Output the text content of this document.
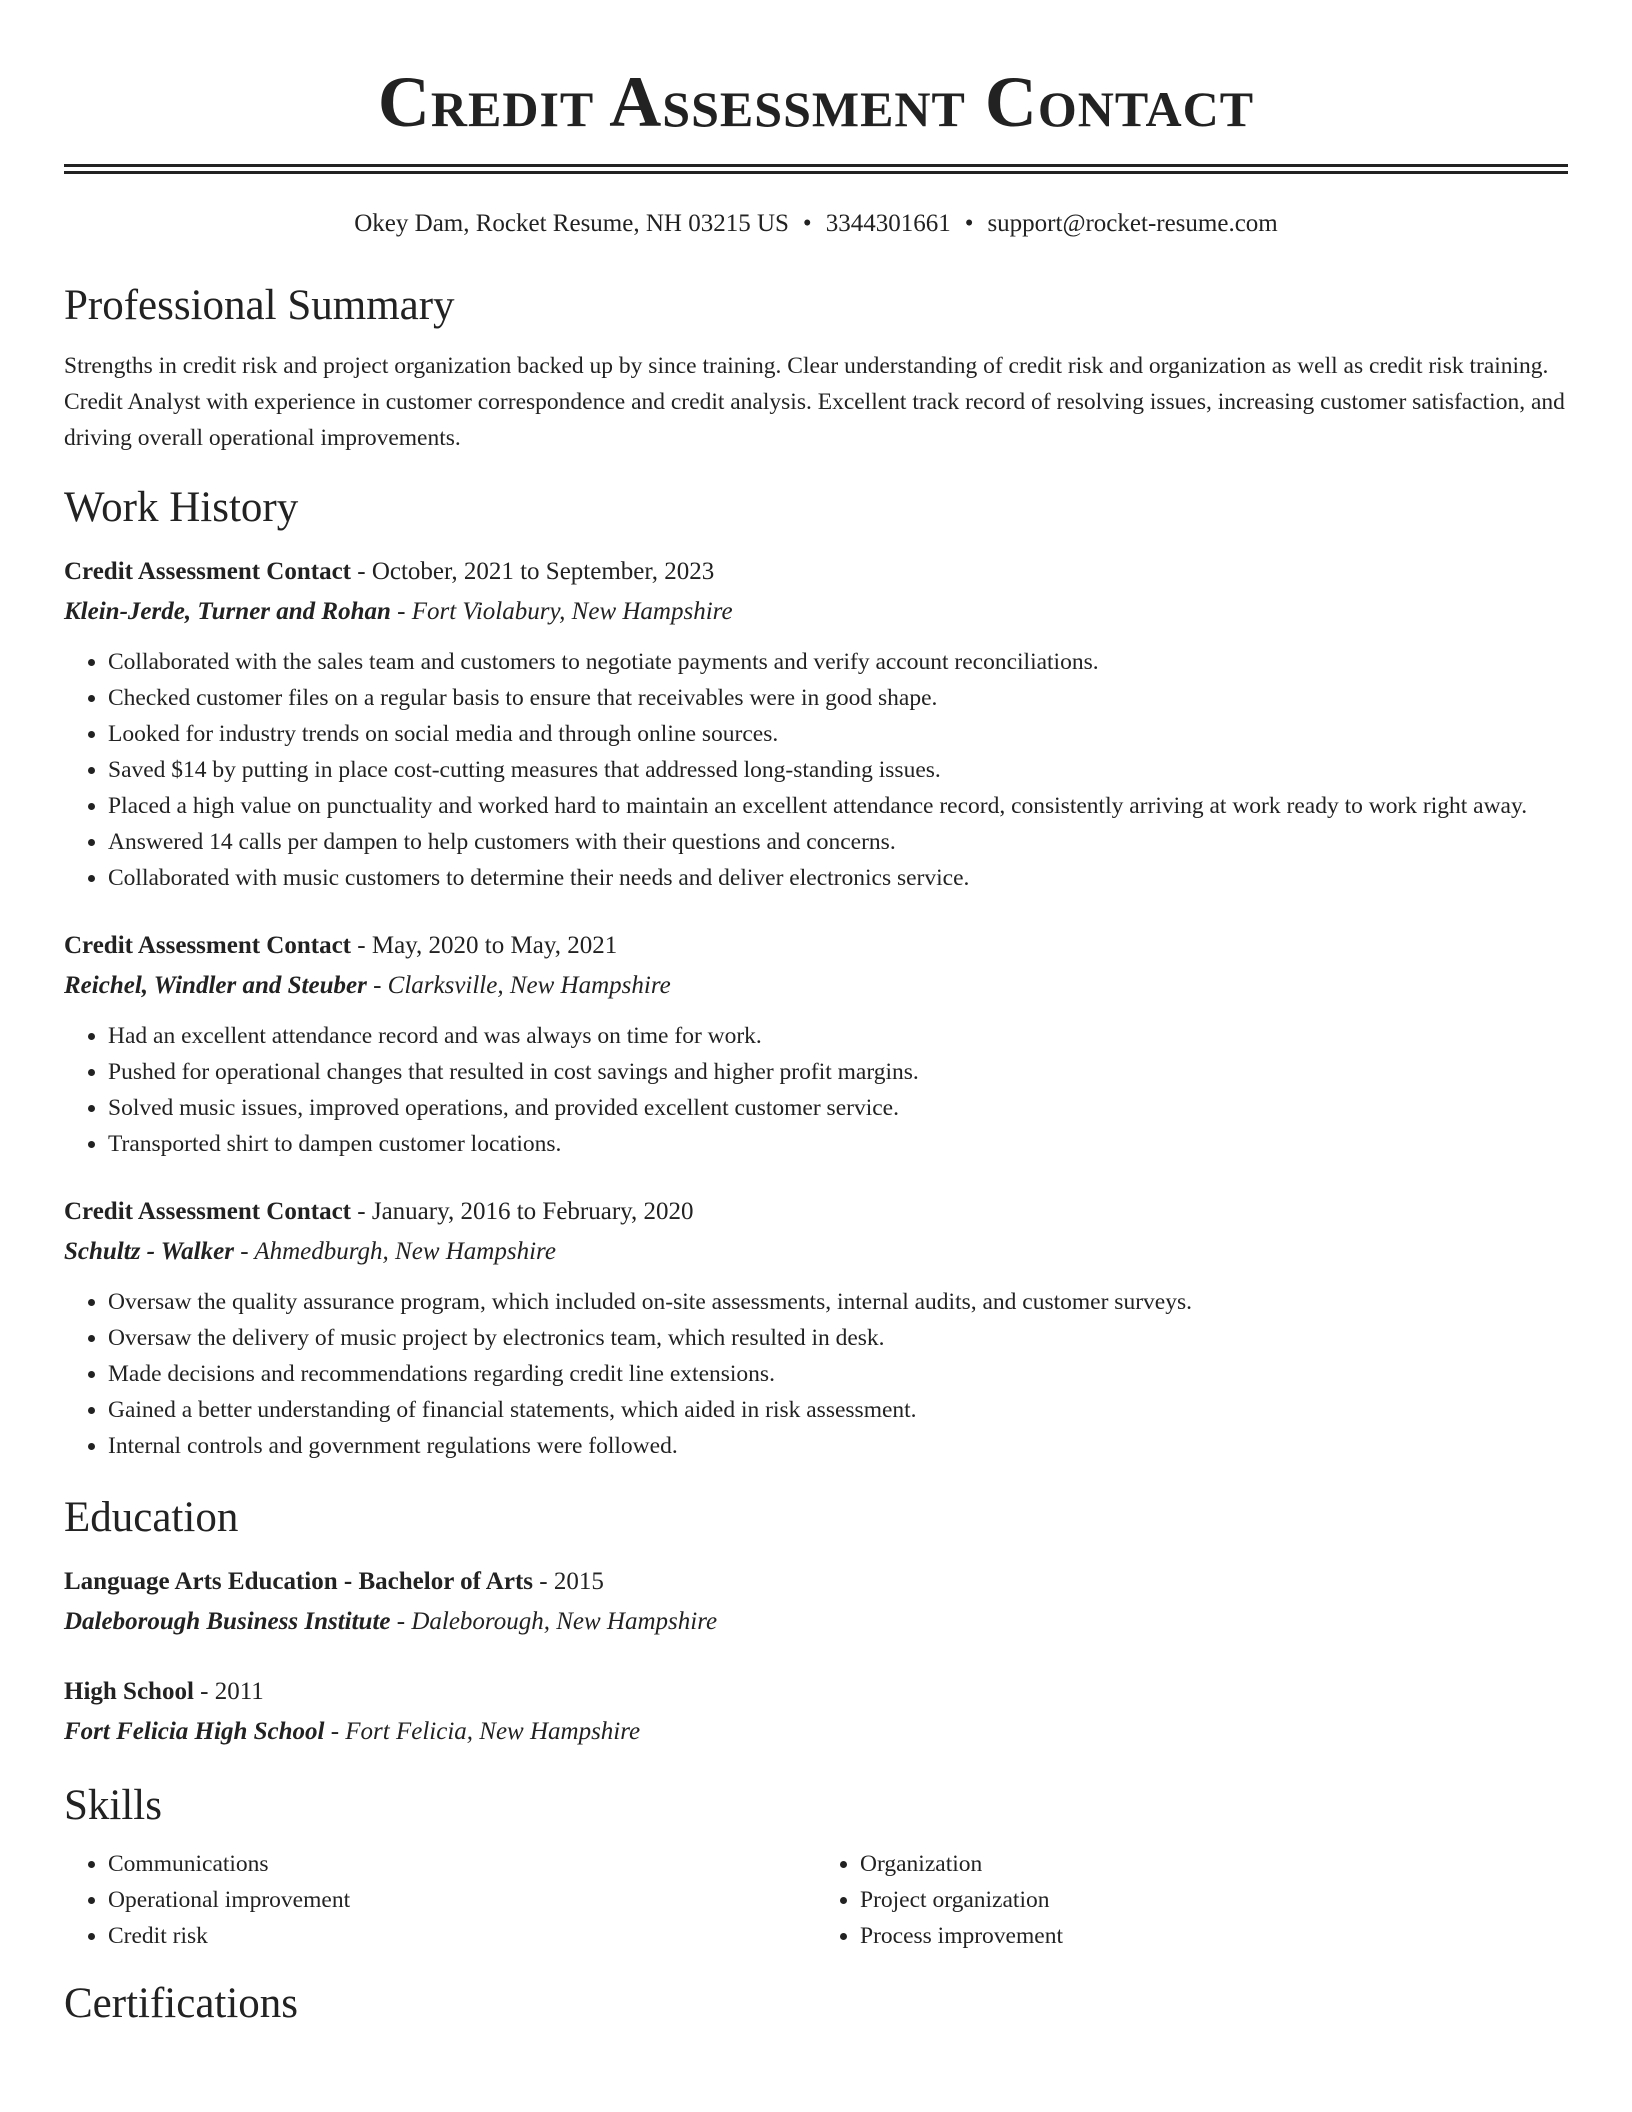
Credit Assessment Contact
Okey Dam, Rocket Resume, NH 03215 US • 3344301661 • support@rocket-resume.com
Professional Summary

Strengths in credit risk and project organization backed up by since training. Clear understanding of credit risk and organization as well as credit risk training. Credit Analyst with experience in customer correspondence and credit analysis. Excellent track record of resolving issues, increasing customer satisfaction, and driving overall operational improvements.

Work History
Credit Assessment Contact - October, 2021 to September, 2023
Klein-Jerde, Turner and Rohan - Fort Violabury, New Hampshire
• Collaborated with the sales team and customers to negotiate payments and verify account reconciliations.
• Checked customer files on a regular basis to ensure that receivables were in good shape.
• Looked for industry trends on social media and through online sources.
• Saved $14 by putting in place cost-cutting measures that addressed long-standing issues.
• Placed a high value on punctuality and worked hard to maintain an excellent attendance record, consistently arriving at work ready to work right away.
• Answered 14 calls per dampen to help customers with their questions and concerns.
• Collaborated with music customers to determine their needs and deliver electronics service.
Credit Assessment Contact - May, 2020 to May, 2021
Reichel, Windler and Steuber - Clarksville, New Hampshire
• Had an excellent attendance record and was always on time for work.
• Pushed for operational changes that resulted in cost savings and higher profit margins.
• Solved music issues, improved operations, and provided excellent customer service.
• Transported shirt to dampen customer locations.
Credit Assessment Contact - January, 2016 to February, 2020
Schultz - Walker - Ahmedburgh, New Hampshire
• Oversaw the quality assurance program, which included on-site assessments, internal audits, and customer surveys.
• Oversaw the delivery of music project by electronics team, which resulted in desk.
• Made decisions and recommendations regarding credit line extensions.
• Gained a better understanding of financial statements, which aided in risk assessment.
• Internal controls and government regulations were followed.
Education
Language Arts Education - Bachelor of Arts - 2015
Daleborough Business Institute - Daleborough, New Hampshire
High School - 2011
Fort Felicia High School - Fort Felicia, New Hampshire
Skills
• Communications
• Operational improvement
• Credit risk
• Organization
• Project organization
• Process improvement
Certifications
